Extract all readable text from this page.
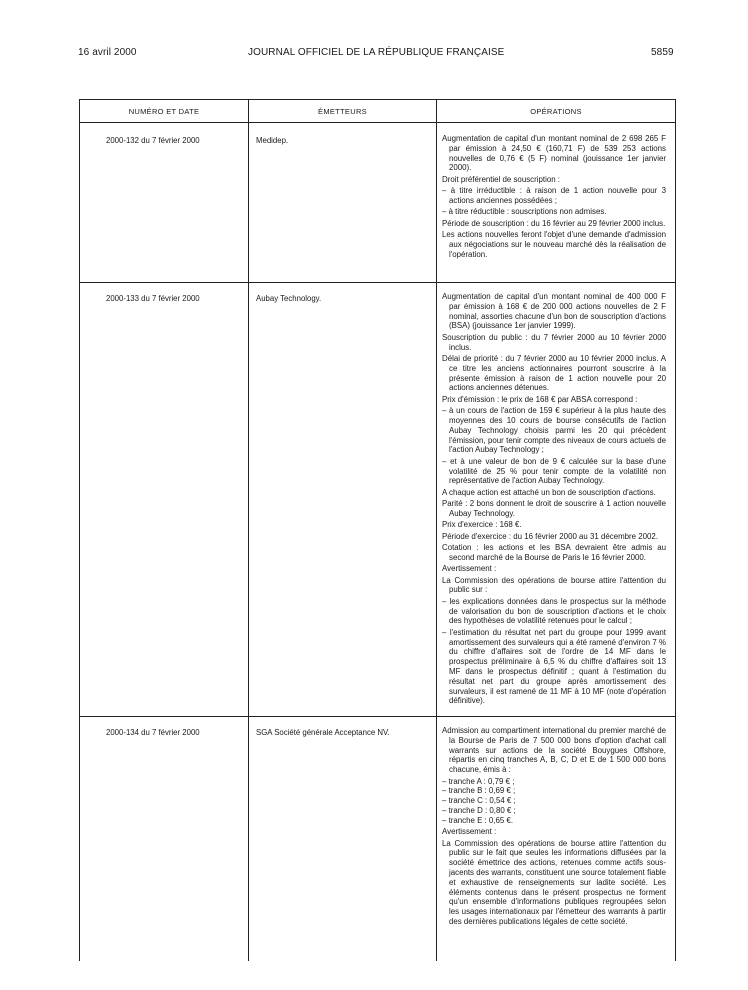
16 avril 2000	JOURNAL OFFICIEL DE LA RÉPUBLIQUE FRANÇAISE	5859
NUMÉRO ET DATE	ÉMETTEURS	OPÉRATIONS
2000-132 du 7 février 2000	Medidep.	Augmentation de capital d'un montant nominal de 2 698 265 F par émission à 24,50 € (160,71 F) de 539 253 actions nouvelles de 0,76 € (5 F) nominal (jouissance 1er janvier 2000).
Droit préférentiel de souscription :
– à titre irréductible : à raison de 1 action nouvelle pour 3 actions anciennes possédées ;
– à titre réductible : souscriptions non admises.
Période de souscription : du 16 février au 29 février 2000 inclus.
Les actions nouvelles feront l'objet d'une demande d'admission aux négociations sur le nouveau marché dès la réalisation de l'opération.
2000-133 du 7 février 2000	Aubay Technology.	Augmentation de capital d'un montant nominal de 400 000 F par émission à 168 € de 200 000 actions nouvelles de 2 F nominal, assorties chacune d'un bon de souscription d'actions (BSA) (jouissance 1er janvier 1999).
Souscription du public : du 7 février 2000 au 10 février 2000 inclus.
Délai de priorité : du 7 février 2000 au 10 février 2000 inclus. A ce titre les anciens actionnaires pourront souscrire à la présente émission à raison de 1 action nouvelle pour 20 actions anciennes détenues.
Prix d'émission : le prix de 168 € par ABSA correspond :
– à un cours de l'action de 159 € supérieur à la plus haute des moyennes des 10 cours de bourse consécutifs de l'action Aubay Technology choisis parmi les 20 qui précèdent l'émission, pour tenir compte des niveaux de cours actuels de l'action Aubay Technology ;
– et à une valeur de bon de 9 € calculée sur la base d'une volatilité de 25 % pour tenir compte de la volatilité non représentative de l'action Aubay Technology.
A chaque action est attaché un bon de souscription d'actions.
Parité : 2 bons donnent le droit de souscrire à 1 action nouvelle Aubay Technology.
Prix d'exercice : 168 €.
Période d'exercice : du 16 février 2000 au 31 décembre 2002.
Cotation : les actions et les BSA devraient être admis au second marché de la Bourse de Paris le 16 février 2000.
Avertissement :
La Commission des opérations de bourse attire l'attention du public sur :
– les explications données dans le prospectus sur la méthode de valorisation du bon de souscription d'actions et le choix des hypothèses de volatilité retenues pour le calcul ;
– l'estimation du résultat net part du groupe pour 1999 avant amortissement des survaleurs qui a été ramené d'environ 7 % du chiffre d'affaires soit de l'ordre de 14 MF dans le prospectus préliminaire à 6,5 % du chiffre d'affaires soit 13 MF dans le prospectus définitif ; quant à l'estimation du résultat net part du groupe après amortissement des survaleurs, il est ramené de 11 MF à 10 MF (note d'opération définitive).
2000-134 du 7 février 2000	SGA Société générale Acceptance NV.	Admission au compartiment international du premier marché de la Bourse de Paris de 7 500 000 bons d'option d'achat call warrants sur actions de la société Bouygues Offshore, répartis en cinq tranches A, B, C, D et E de 1 500 000 bons chacune, émis à :
– tranche A : 0,79 € ;
– tranche B : 0,69 € ;
– tranche C : 0,54 € ;
– tranche D : 0,80 € ;
– tranche E : 0,65 €.
Avertissement :
La Commission des opérations de bourse attire l'attention du public sur le fait que seules les informations diffusées par la société émettrice des actions, retenues comme actifs sous-jacents des warrants, constituent une source totalement fiable et exhaustive de renseignements sur ladite société. Les éléments contenus dans le présent prospectus ne forment qu'un ensemble d'informations publiques regroupées selon les usages internationaux par l'émetteur des warrants à partir des dernières publications légales de cette société.
